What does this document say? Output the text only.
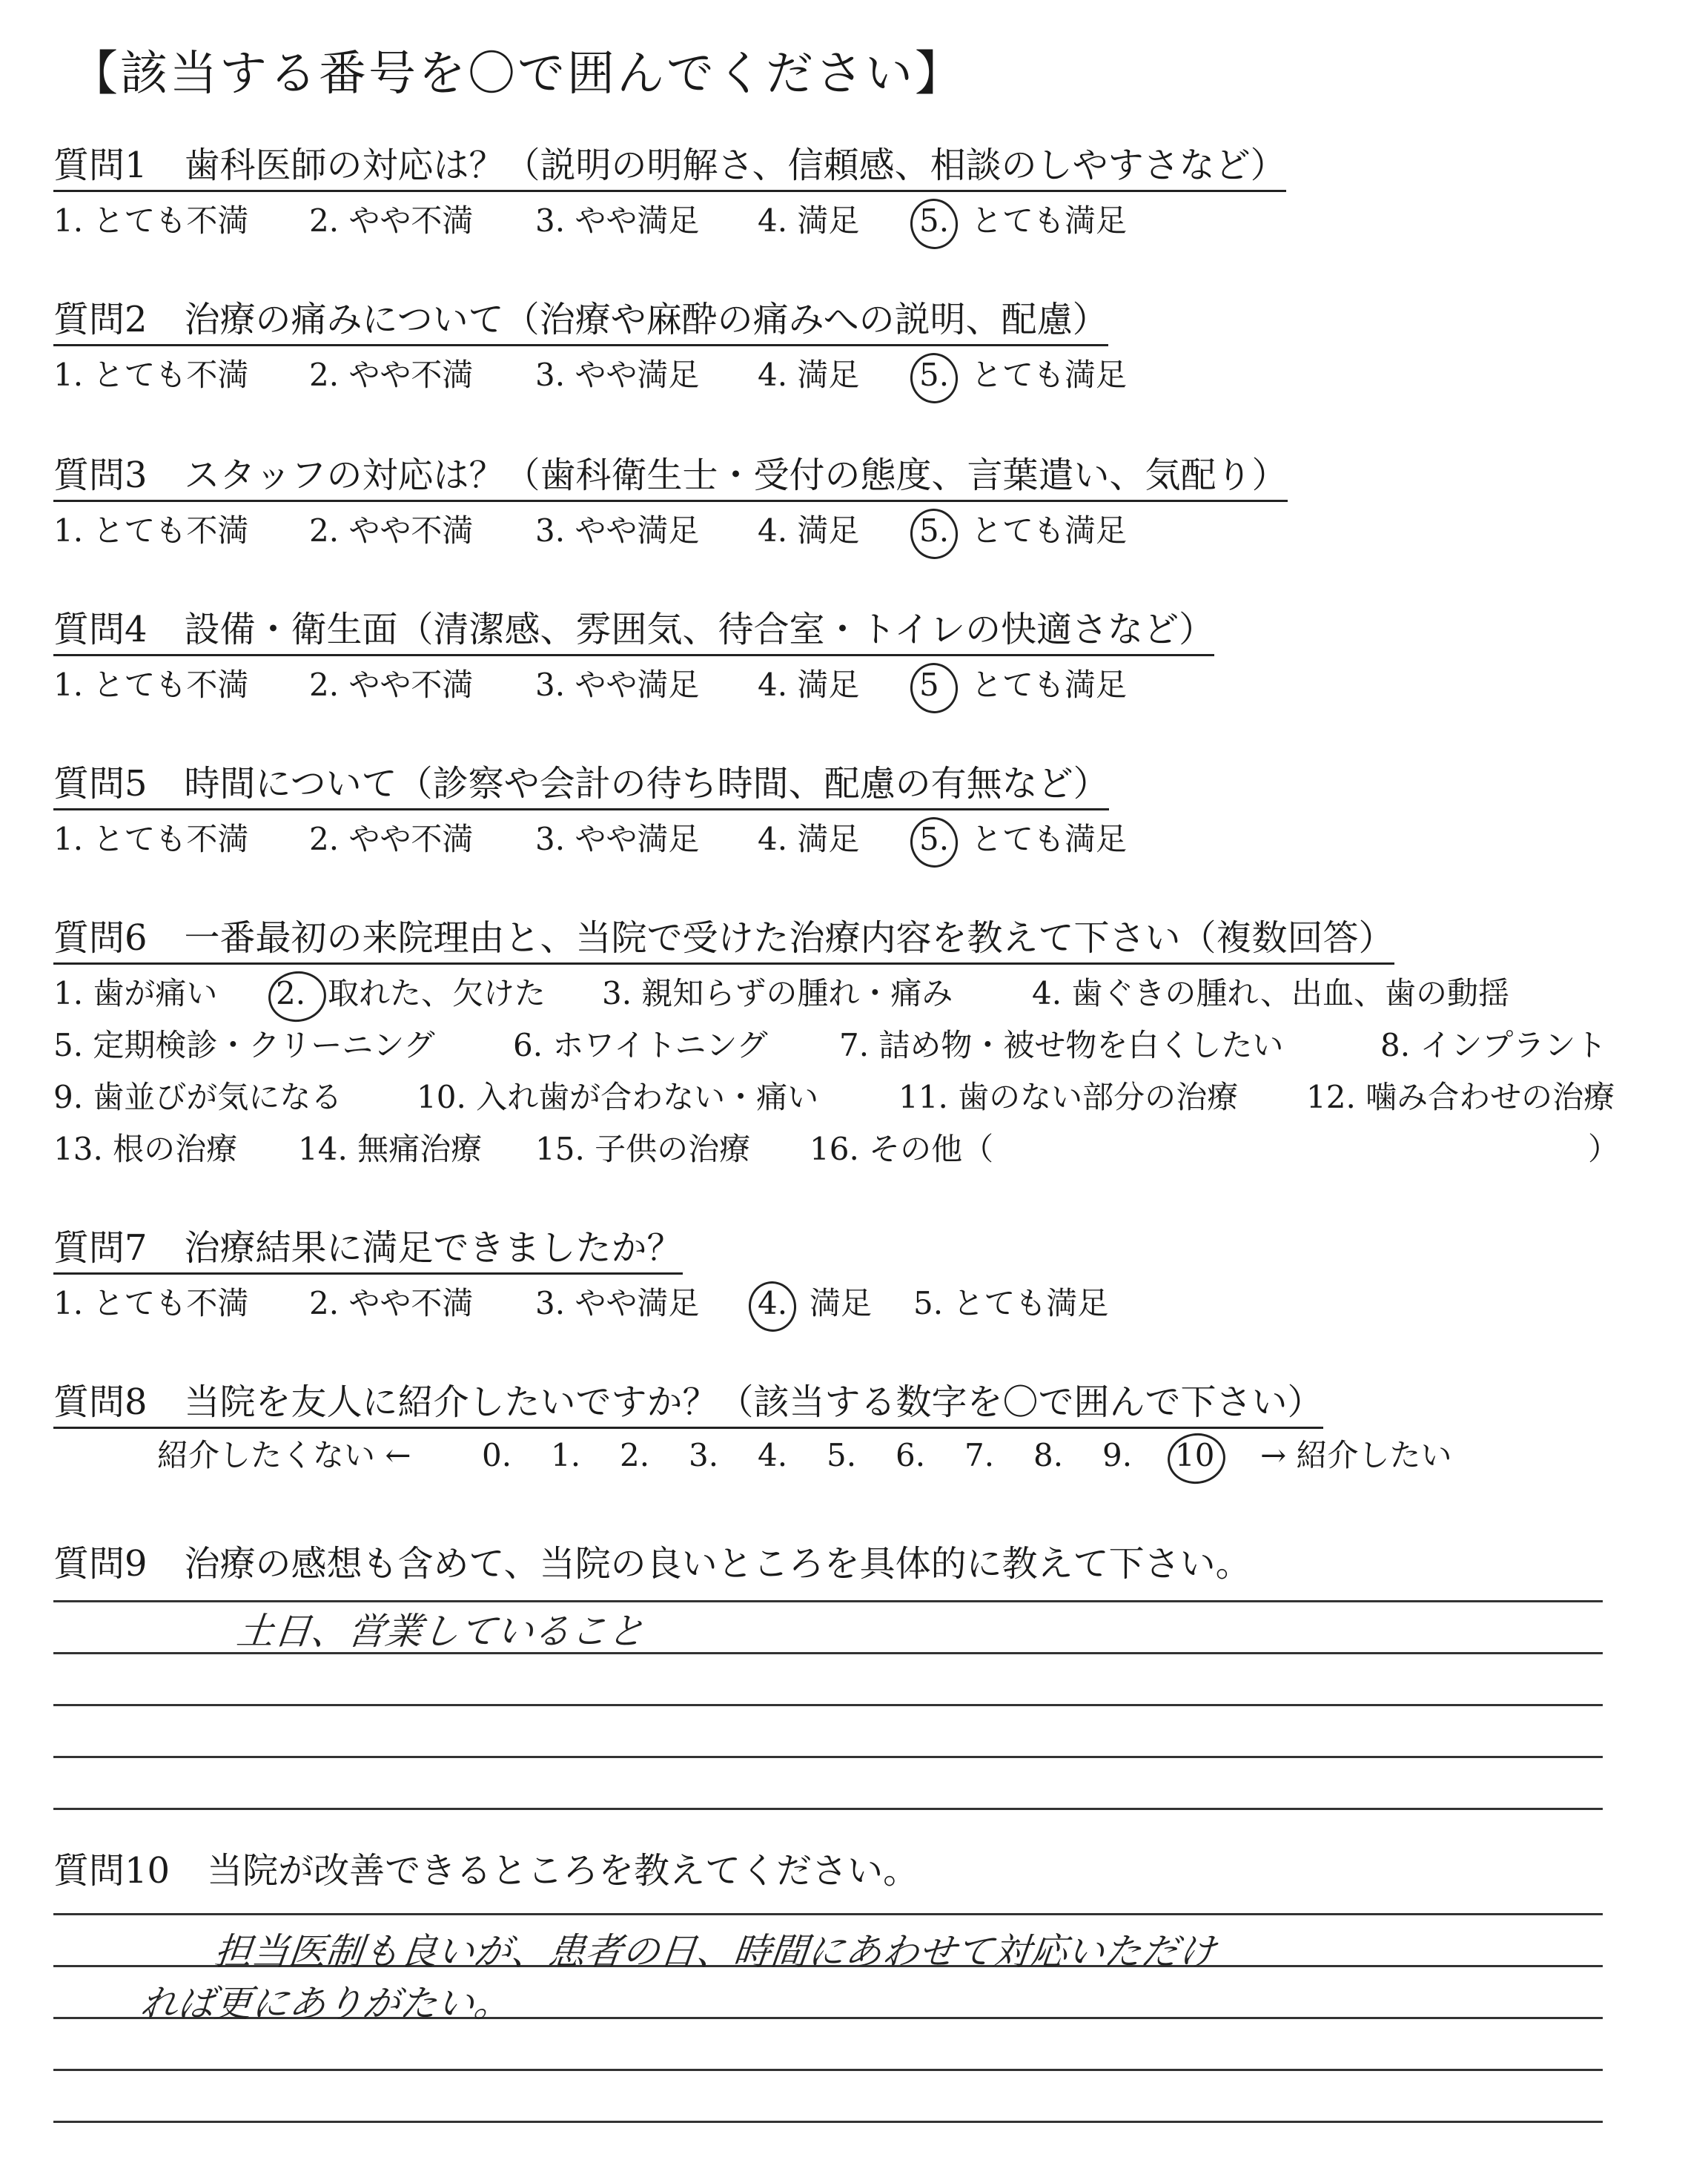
【該当する番号を〇で囲んでください】
質問1 歯科医師の対応は？（説明の明解さ、信頼感、相談のしやすさなど）
1. とても不満 2. やや不満 3. やや満足 4. 満足 5. とても満足
質問2 治療の痛みについて（治療や麻酔の痛みへの説明、配慮）
1. とても不満 2. やや不満 3. やや満足 4. 満足 5. とても満足
質問3 スタッフの対応は？（歯科衛生士・受付の態度、言葉遣い、気配り）
1. とても不満 2. やや不満 3. やや満足 4. 満足 5. とても満足
質問4 設備・衛生面（清潔感、雰囲気、待合室・トイレの快適さなど）
1. とても不満 2. やや不満 3. やや満足 4. 満足 5 とても満足
質問5 時間について（診察や会計の待ち時間、配慮の有無など）
1. とても不満 2. やや不満 3. やや満足 4. 満足 5. とても満足
質問6 一番最初の来院理由と、当院で受けた治療内容を教えて下さい（複数回答）
1. 歯が痛い 2. 取れた、欠けた 3. 親知らずの腫れ・痛み	4. 歯ぐきの腫れ、出血、歯の動揺
5. 定期検診・クリーニング	6. ホワイトニング 7. 詰め物・被せ物を白くしたい	8. インプラント
9. 歯並びが気になる 10. 入れ歯が合わない・痛い	11. 歯のない部分の治療 12. 噛み合わせの治療
13. 根の治療 14. 無痛治療 15. 子供の治療 16. その他（	）
質問7 治療結果に満足できましたか？
1. とても不満 2. やや不満 3. やや満足 4. 満足 5. とても満足
質問8 当院を友人に紹介したいですか？（該当する数字を〇で囲んで下さい）
紹介したくない ← 0. 1. 2. 3. 4. 5. 6. 7. 8. 9. 10 → 紹介したい
質問9 治療の感想も含めて、当院の良いところを具体的に教えて下さい。
土日、営業していること
質問10 当院が改善できるところを教えてください。
担当医制も良いが、患者の日、時間にあわせて対応いただけ
れば更にありがたい。
